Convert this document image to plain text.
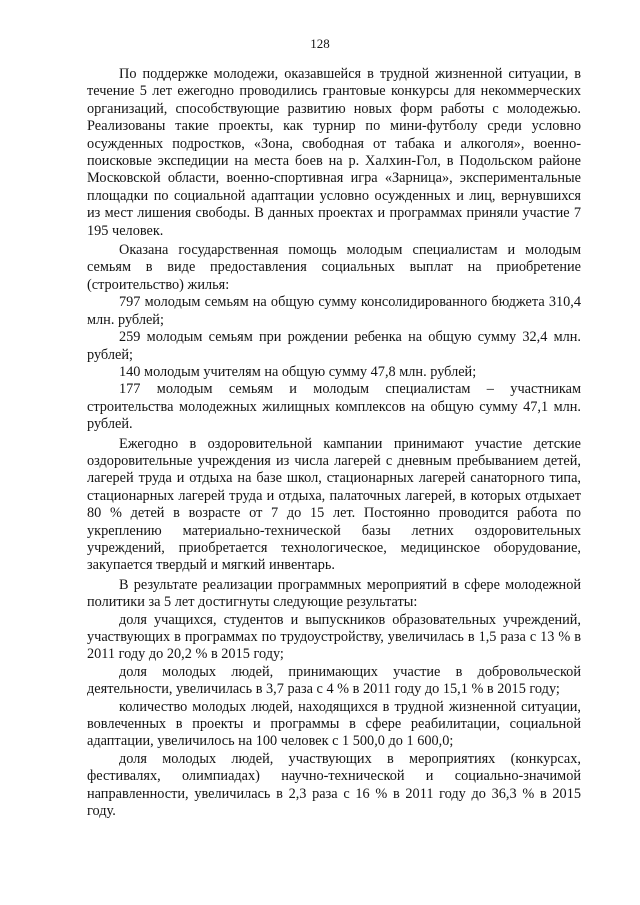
128

По поддержке молодежи, оказавшейся в трудной жизненной ситуации, в течение 5 лет ежегодно проводились грантовые конкурсы для некоммерческих организаций, способствующие развитию новых форм работы с молодежью. Реализованы такие проекты, как турнир по мини-футболу среди условно осужденных подростков, «Зона, свободная от табака и алкоголя», военно-поисковые экспедиции на места боев на р. Халхин-Гол, в Подольском районе Московской области, военно-спортивная игра «Зарница», экспериментальные площадки по социальной адаптации условно осужденных и лиц, вернувшихся из мест лишения свободы. В данных проектах и программах приняли участие 7 195 человек.

Оказана государственная помощь молодым специалистам и молодым семьям в виде предоставления социальных выплат на приобретение (строительство) жилья:

797 молодым семьям на общую сумму консолидированного бюджета 310,4 млн. рублей;

259 молодым семьям при рождении ребенка на общую сумму 32,4 млн. рублей;

140 молодым учителям на общую сумму 47,8 млн. рублей;

177 молодым семьям и молодым специалистам – участникам строительства молодежных жилищных комплексов на общую сумму 47,1 млн. рублей.

Ежегодно в оздоровительной кампании принимают участие детские оздоровительные учреждения из числа лагерей с дневным пребыванием детей, лагерей труда и отдыха на базе школ, стационарных лагерей санаторного типа, стационарных лагерей труда и отдыха, палаточных лагерей, в которых отдыхает 80 % детей в возрасте от 7 до 15 лет. Постоянно проводится работа по укреплению материально-технической базы летних оздоровительных учреждений, приобретается технологическое, медицинское оборудование, закупается твердый и мягкий инвентарь.

В результате реализации программных мероприятий в сфере молодежной политики за 5 лет достигнуты следующие результаты:

доля учащихся, студентов и выпускников образовательных учреждений, участвующих в программах по трудоустройству, увеличилась в 1,5 раза с 13 % в 2011 году до 20,2 % в 2015 году;

доля молодых людей, принимающих участие в добровольческой деятельности, увеличилась в 3,7 раза с 4 % в 2011 году до 15,1 % в 2015 году;

количество молодых людей, находящихся в трудной жизненной ситуации, вовлеченных в проекты и программы в сфере реабилитации, социальной адаптации, увеличилось на 100 человек с 1 500,0 до 1 600,0;

доля молодых людей, участвующих в мероприятиях (конкурсах, фестивалях, олимпиадах) научно-технической и социально-значимой направленности, увеличилась в 2,3 раза с 16 % в 2011 году до 36,3 % в 2015 году.
